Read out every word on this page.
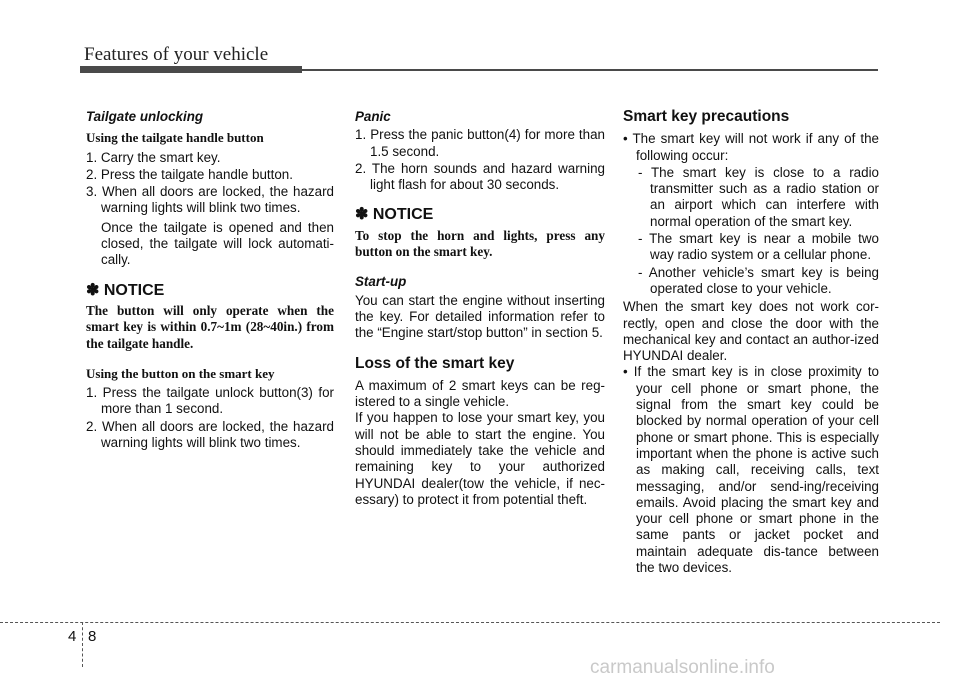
Features of your vehicle

Tailgate unlocking

Using the tailgate handle button

1. Carry the smart key.

2. Press the tailgate handle button.

3. When all doors are locked, the hazard warning lights will blink two times.

Once the tailgate is opened and then closed, the tailgate will lock automati-cally.

✽ NOTICE

The button will only operate when the smart key is within 0.7~1m (28~40in.) from the tailgate handle.

Using the button on the smart key

1. Press the tailgate unlock button(3) for more than 1 second.

2. When all doors are locked, the hazard warning lights will blink two times.

Panic

1. Press the panic button(4) for more than 1.5 second.

2. The horn sounds and hazard warning light flash for about 30 seconds.

✽ NOTICE

To stop the horn and lights, press any button on the smart key.

Start-up

You can start the engine without inserting the key. For detailed information refer to the “Engine start/stop button” in section 5.

Loss of the smart key

A maximum of 2 smart keys can be reg-istered to a single vehicle.

If you happen to lose your smart key, you will not be able to start the engine. You should immediately take the vehicle and remaining key to your authorized HYUNDAI dealer(tow the vehicle, if nec-essary) to protect it from potential theft.

Smart key precautions

• The smart key will not work if any of the following occur:

- The smart key is close to a radio transmitter such as a radio station or an airport which can interfere with normal operation of the smart key.

- The smart key is near a mobile two way radio system or a cellular phone.

- Another vehicle’s smart key is being operated close to your vehicle.

When the smart key does not work cor-rectly, open and close the door with the mechanical key and contact an author-ized HYUNDAI dealer.

• If the smart key is in close proximity to your cell phone or smart phone, the signal from the smart key could be blocked by normal operation of your cell phone or smart phone. This is especially important when the phone is active such as making call, receiving calls, text messaging, and/or send-ing/receiving emails. Avoid placing the smart key and your cell phone or smart phone in the same pants or jacket pocket and maintain adequate dis-tance between the two devices.

4 8
carmanualsonline.info
